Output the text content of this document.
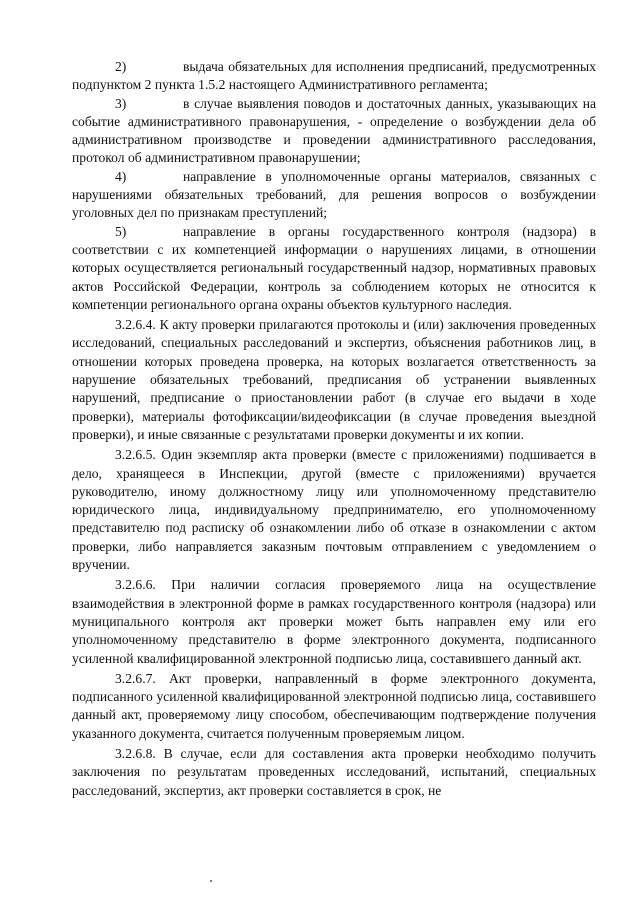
2)	выдача обязательных для исполнения предписаний, предусмотренных подпунктом 2 пункта 1.5.2 настоящего Административного регламента;

3)	в случае выявления поводов и достаточных данных, указывающих на событие административного правонарушения, - определение о возбуждении дела об административном производстве и проведении административного расследования, протокол об административном правонарушении;

4)	направление в уполномоченные органы материалов, связанных с нарушениями обязательных требований, для решения вопросов о возбуждении уголовных дел по признакам преступлений;

5)	направление в органы государственного контроля (надзора) в соответствии с их компетенцией информации о нарушениях лицами, в отношении которых осуществляется региональный государственный надзор, нормативных правовых актов Российской Федерации, контроль за соблюдением которых не относится к компетенции регионального органа охраны объектов культурного наследия.

3.2.6.4. К акту проверки прилагаются протоколы и (или) заключения проведенных исследований, специальных расследований и экспертиз, объяснения работников лиц, в отношении которых проведена проверка, на которых возлагается ответственность за нарушение обязательных требований, предписания об устранении выявленных нарушений, предписание о приостановлении работ (в случае его выдачи в ходе проверки), материалы фотофиксации/видеофиксации (в случае проведения выездной проверки), и иные связанные с результатами проверки документы и их копии.

3.2.6.5. Один экземпляр акта проверки (вместе с приложениями) подшивается в дело, хранящееся в Инспекции, другой (вместе с приложениями) вручается руководителю, иному должностному лицу или уполномоченному представителю юридического лица, индивидуальному предпринимателю, его уполномоченному представителю под расписку об ознакомлении либо об отказе в ознакомлении с актом проверки, либо направляется заказным почтовым отправлением с уведомлением о вручении.

3.2.6.6. При наличии согласия проверяемого лица на осуществление взаимодействия в электронной форме в рамках государственного контроля (надзора) или муниципального контроля акт проверки может быть направлен ему или его уполномоченному представителю в форме электронного документа, подписанного усиленной квалифицированной электронной подписью лица, составившего данный акт.

3.2.6.7. Акт проверки, направленный в форме электронного документа, подписанного усиленной квалифицированной электронной подписью лица, составившего данный акт, проверяемому лицу способом, обеспечивающим подтверждение получения указанного документа, считается полученным проверяемым лицом.

3.2.6.8. В случае, если для составления акта проверки необходимо получить заключения по результатам проведенных исследований, испытаний, специальных расследований, экспертиз, акт проверки составляется в срок, не
